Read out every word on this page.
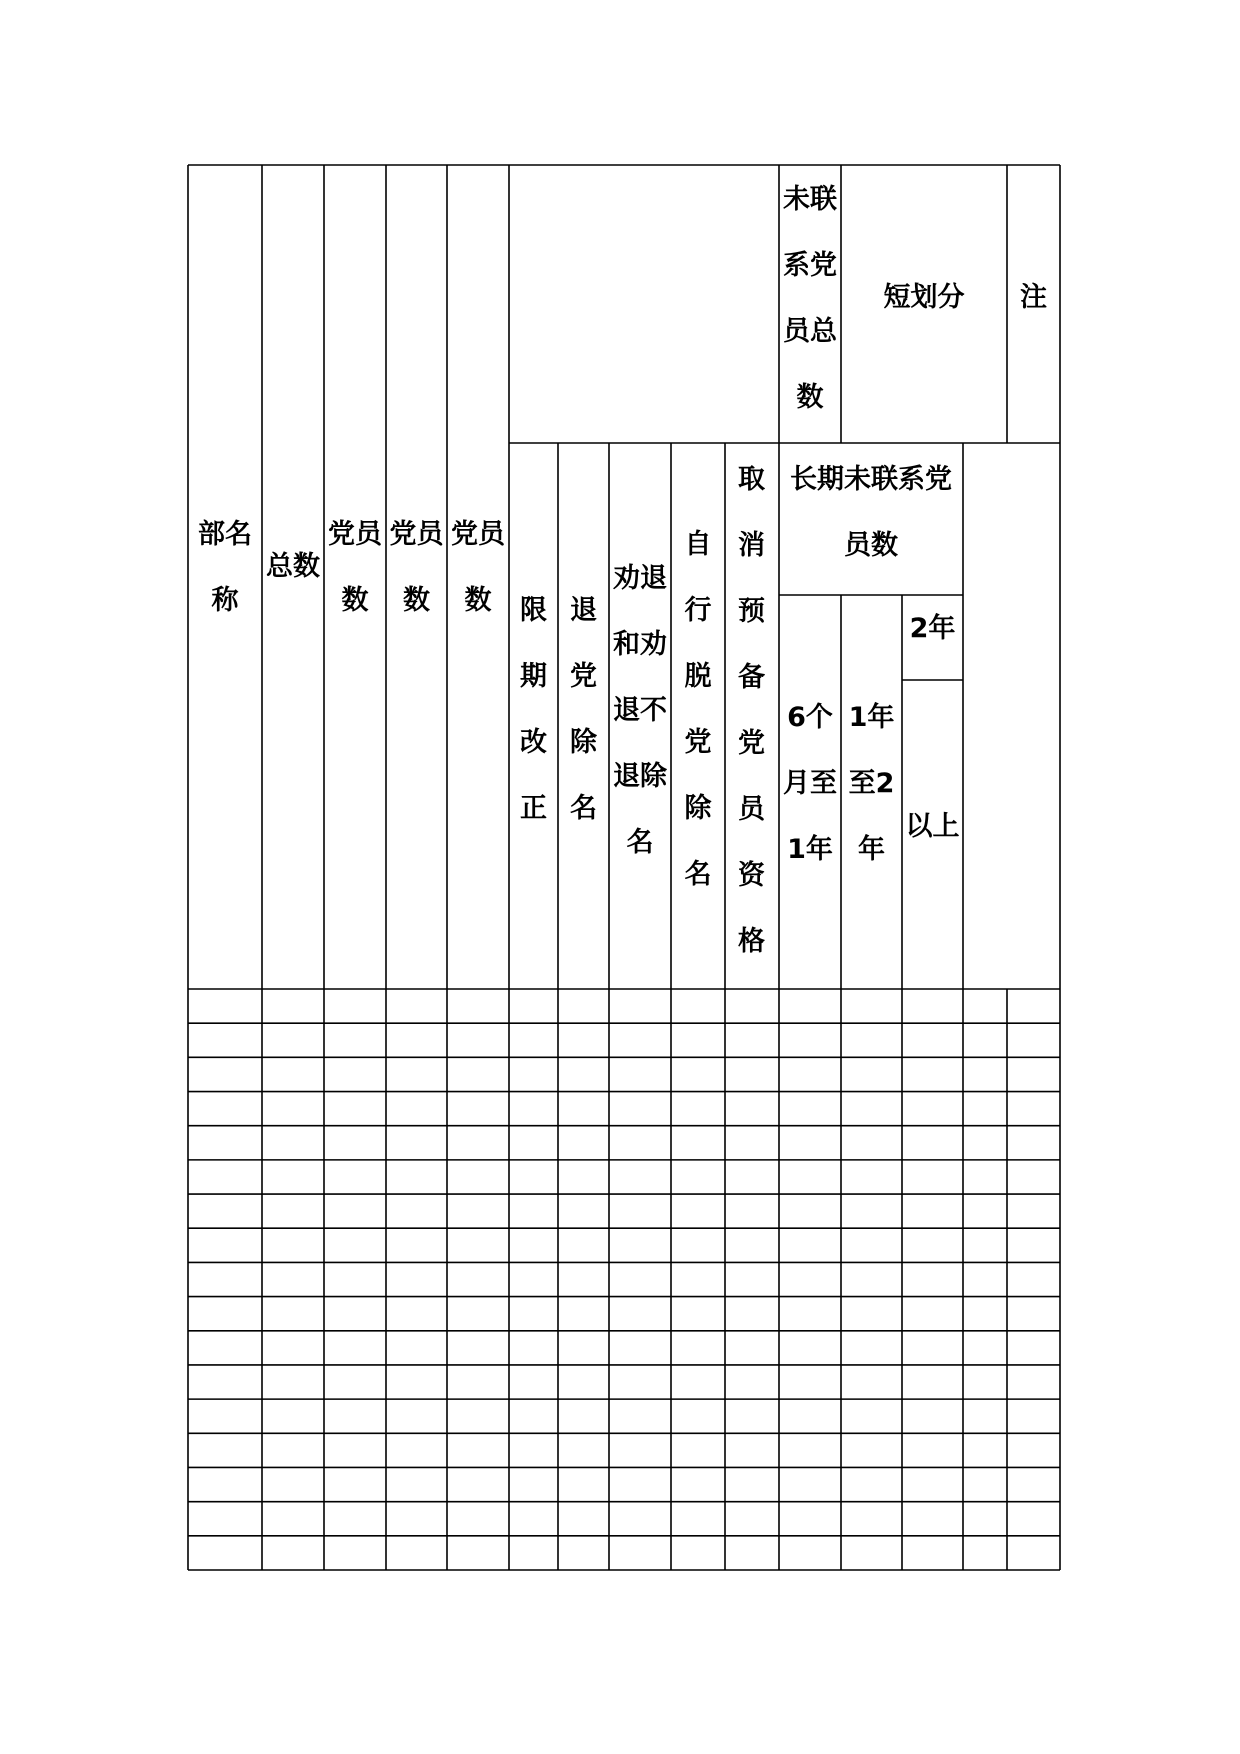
部名
称
总数
党员
数
党员
数
党员
数
未联
系党
员总
数
短划分	注
限
期
改
正
退
党
除
名
劝退
和劝
退不
退除
名
自
行
脱
党
除
名
取
消
预
备
党
员
资
格
长期未联系党
员数
6个
月至
1年
1年
至2
年
2年
以上
